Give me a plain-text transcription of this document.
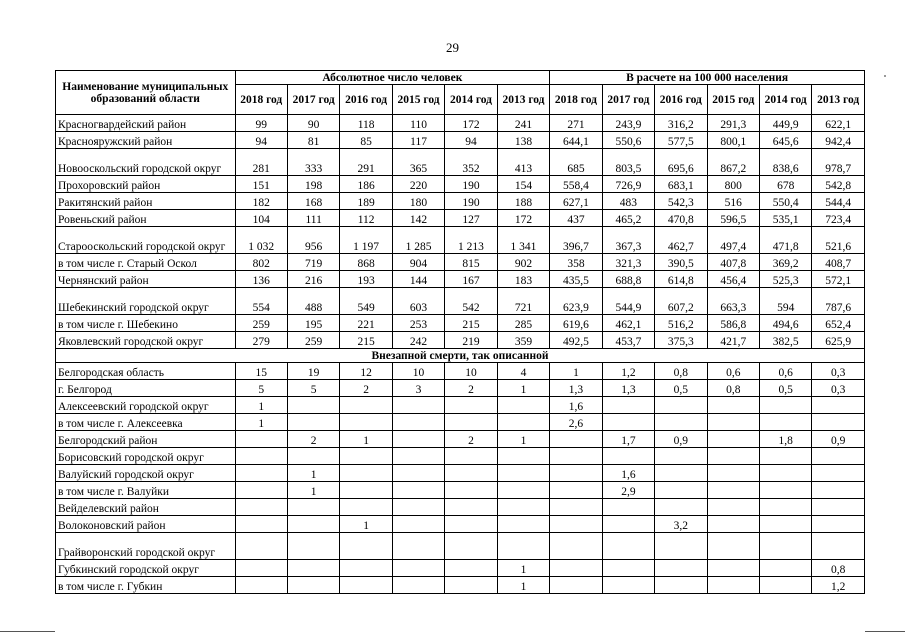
29
Наименование муниципальных образований области	Абсолютное число человек						В расчете на 100 000 населения					
	2018 год	2017 год	2016 год	2015 год	2014 год	2013 год	2018 год	2017 год	2016 год	2015 год	2014 год	2013 год
Красногвардейский район	99	90	118	110	172	241	271	243,9	316,2	291,3	449,9	622,1
Краснояружский район	94	81	85	117	94	138	644,1	550,6	577,5	800,1	645,6	942,4
Новооскольский городской округ	281	333	291	365	352	413	685	803,5	695,6	867,2	838,6	978,7
Прохоровский район	151	198	186	220	190	154	558,4	726,9	683,1	800	678	542,8
Ракитянский район	182	168	189	180	190	188	627,1	483	542,3	516	550,4	544,4
Ровеньский район	104	111	112	142	127	172	437	465,2	470,8	596,5	535,1	723,4
Старооскольский городской округ	1 032	956	1 197	1 285	1 213	1 341	396,7	367,3	462,7	497,4	471,8	521,6
в том числе г. Старый Оскол	802	719	868	904	815	902	358	321,3	390,5	407,8	369,2	408,7
Чернянский район	136	216	193	144	167	183	435,5	688,8	614,8	456,4	525,3	572,1
Шебекинский городской округ	554	488	549	603	542	721	623,9	544,9	607,2	663,3	594	787,6
в том числе г. Шебекино	259	195	221	253	215	285	619,6	462,1	516,2	586,8	494,6	652,4
Яковлевский городской округ	279	259	215	242	219	359	492,5	453,7	375,3	421,7	382,5	625,9
Внезапной смерти, так описанной												
Белгородская область	15	19	12	10	10	4	1	1,2	0,8	0,6	0,6	0,3
г. Белгород	5	5	2	3	2	1	1,3	1,3	0,5	0,8	0,5	0,3
Алексеевский городской округ	1						1,6					
в том числе г. Алексеевка	1						2,6					
Белгородский район		2	1		2	1		1,7	0,9		1,8	0,9
Борисовский городской округ												
Валуйский городской округ		1						1,6				
в том числе г. Валуйки		1						2,9				
Вейделевский район												
Волоконовский район			1						3,2			
Грайворонский городской округ												
Губкинский городской округ						1						0,8
в том числе г. Губкин						1						1,2
